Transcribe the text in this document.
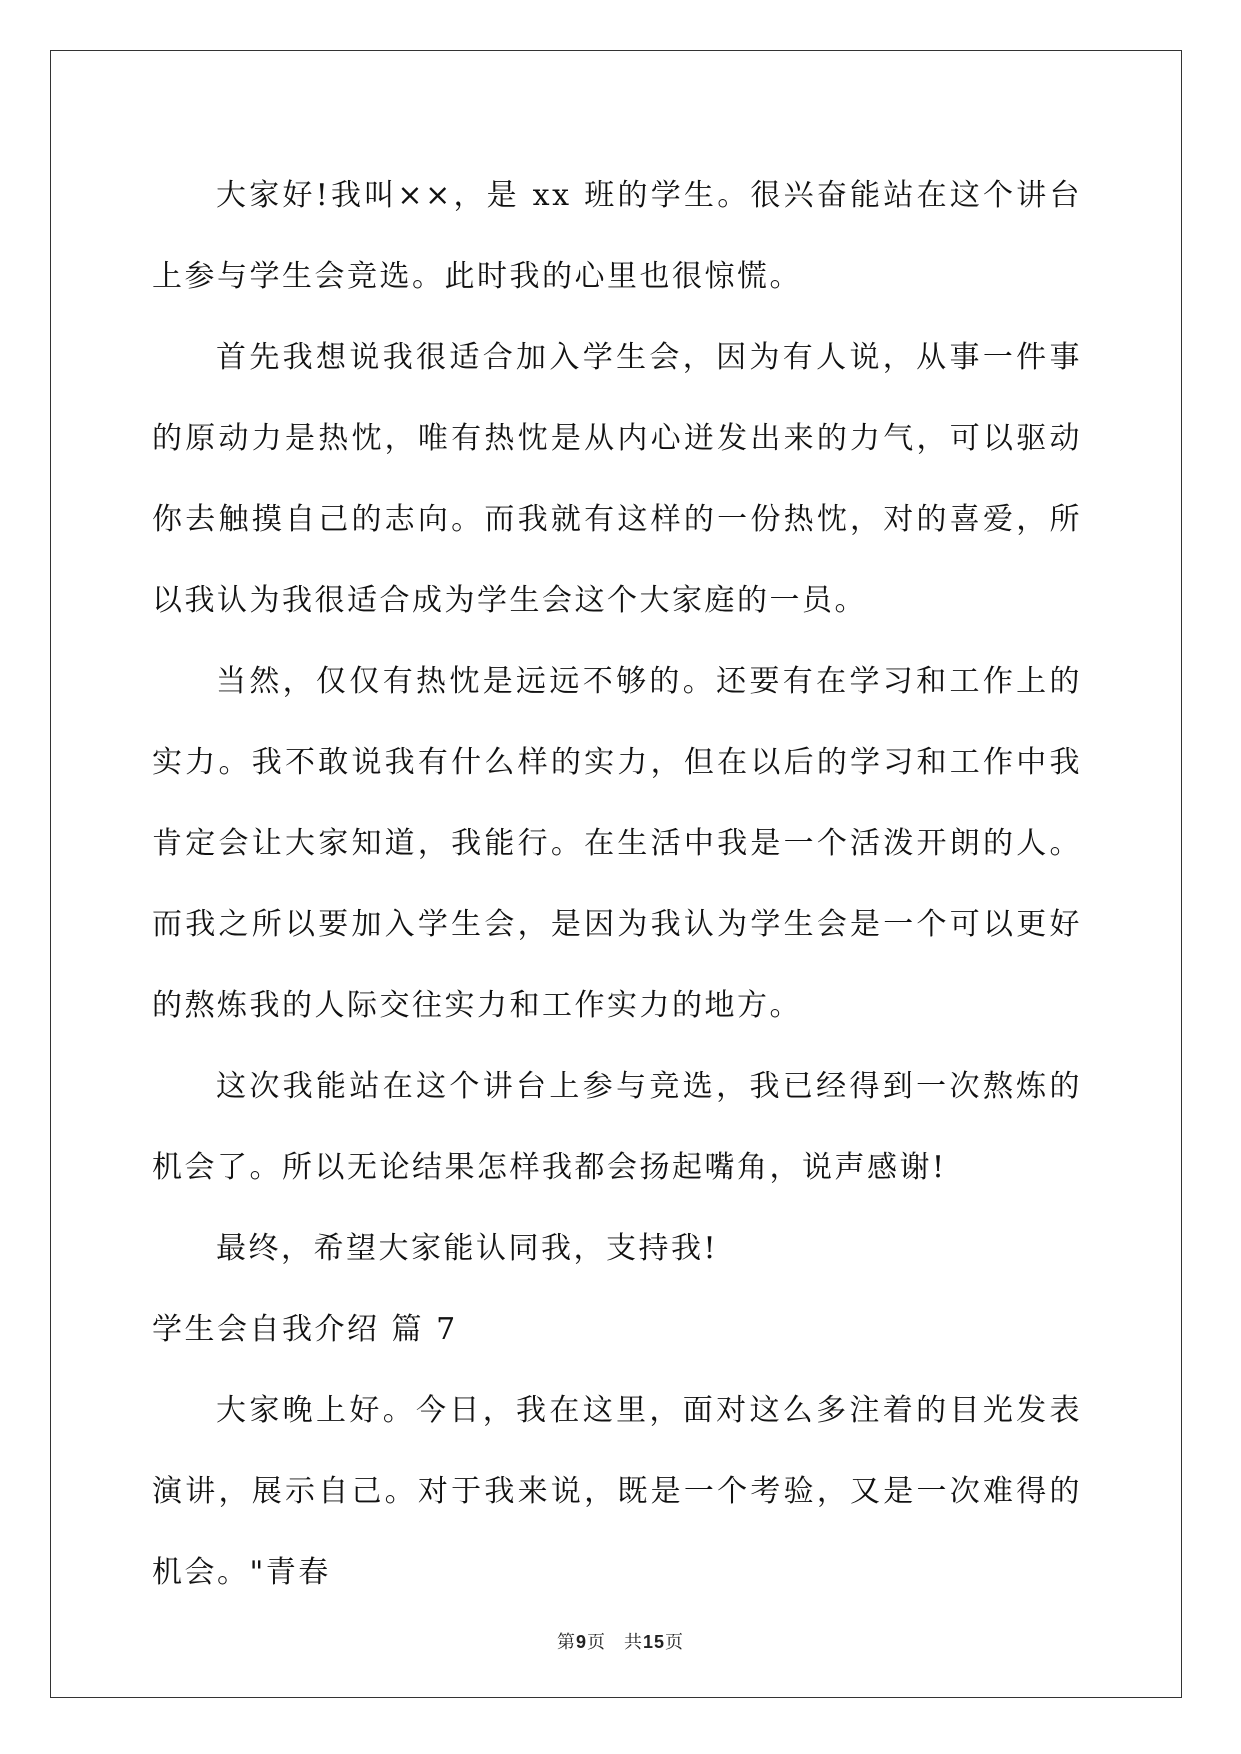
大家好!我叫××，是 xx 班的学生。很兴奋能站在这个讲台上参与学生会竞选。此时我的心里也很惊慌。

首先我想说我很适合加入学生会，因为有人说，从事一件事的原动力是热忱，唯有热忱是从内心迸发出来的力气，可以驱动你去触摸自己的志向。而我就有这样的一份热忱，对的喜爱，所以我认为我很适合成为学生会这个大家庭的一员。

当然，仅仅有热忱是远远不够的。还要有在学习和工作上的实力。我不敢说我有什么样的实力，但在以后的学习和工作中我肯定会让大家知道，我能行。在生活中我是一个活泼开朗的人。而我之所以要加入学生会，是因为我认为学生会是一个可以更好的熬炼我的人际交往实力和工作实力的地方。

这次我能站在这个讲台上参与竞选，我已经得到一次熬炼的机会了。所以无论结果怎样我都会扬起嘴角，说声感谢!

最终，希望大家能认同我，支持我!

学生会自我介绍 篇 7

大家晚上好。今日，我在这里，面对这么多注着的目光发表演讲，展示自己。对于我来说，既是一个考验，又是一次难得的机会。"青春

第9页 共15页
